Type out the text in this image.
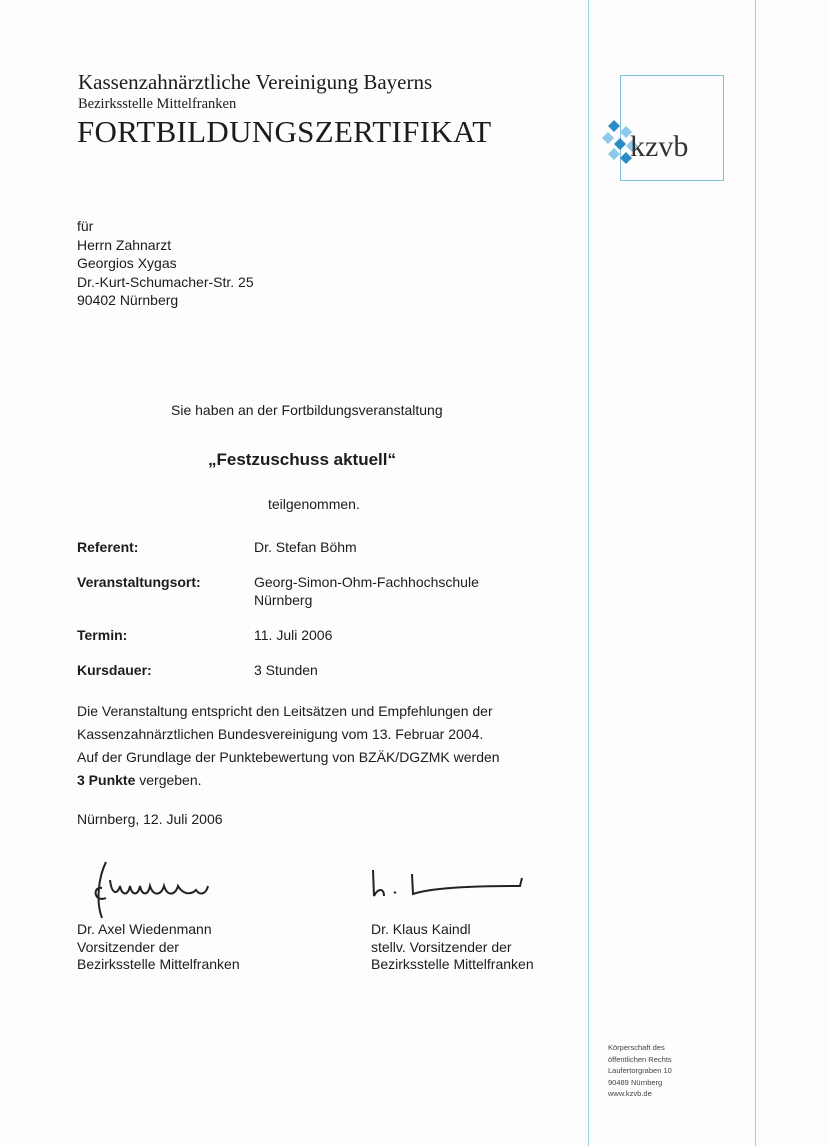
Kassenzahnärztliche Vereinigung Bayerns
Bezirksstelle Mittelfranken
FORTBILDUNGSZERTIFIKAT	kzvb
für
Herrn Zahnarzt
Georgios Xygas
Dr.-Kurt-Schumacher-Str. 25
90402 Nürnberg
Sie haben an der Fortbildungsveranstaltung
„Festzuschuss aktuell“
teilgenommen.
Referent:	Dr. Stefan Böhm
Veranstaltungsort:	Georg-Simon-Ohm-Fachhochschule
Nürnberg
Termin:	11. Juli 2006
Kursdauer:	3 Stunden
Die Veranstaltung entspricht den Leitsätzen und Empfehlungen der
Kassenzahnärztlichen Bundesvereinigung vom 13. Februar 2004.
Auf der Grundlage der Punktebewertung von BZÄK/DGZMK werden
3 Punkte vergeben.
Nürnberg, 12. Juli 2006
Dr. Axel Wiedenmann
Vorsitzender der
Bezirksstelle Mittelfranken
Dr. Klaus Kaindl
stellv. Vorsitzender der
Bezirksstelle Mittelfranken
Körperschaft des
öffentlichen Rechts
Laufertorgraben 10
90489 Nürnberg
www.kzvb.de
